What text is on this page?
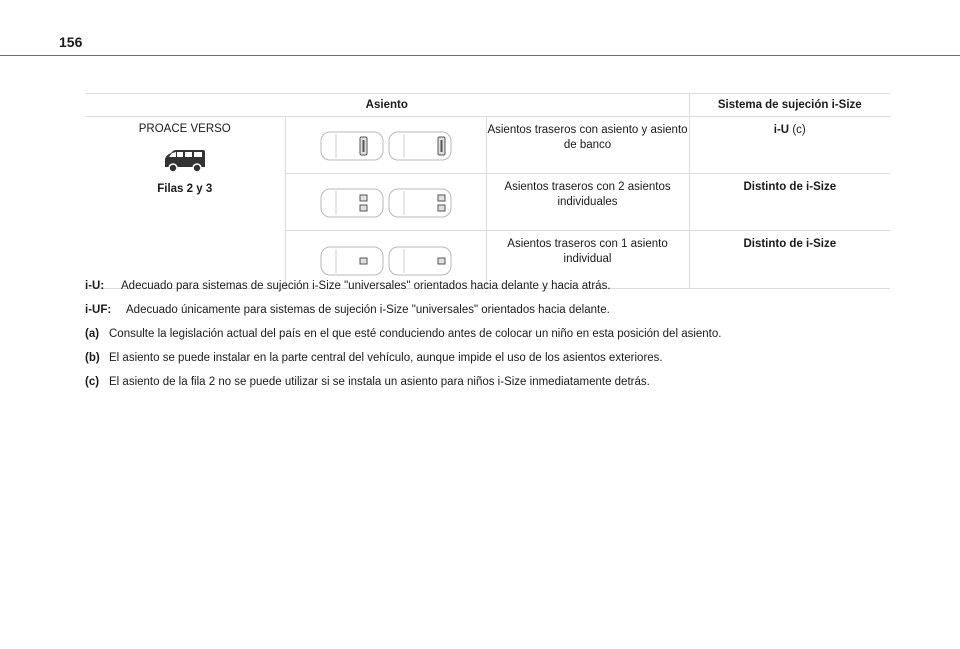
156
Asiento			Sistema de sujeción i-Size

PROACE VERSO
Filas 2 y 3		Asientos traseros con asiento y asiento de banco	i-U (c)

	Asientos traseros con 2 asientos individuales	Distinto de i-Size

	Asientos traseros con 1 asiento individual	Distinto de i-Size
i-U: Adecuado para sistemas de sujeción i-Size "universales" orientados hacia delante y hacia atrás.
i-UF: Adecuado únicamente para sistemas de sujeción i-Size "universales" orientados hacia delante.
(a) Consulte la legislación actual del país en el que esté conduciendo antes de colocar un niño en esta posición del asiento.
(b) El asiento se puede instalar en la parte central del vehículo, aunque impide el uso de los asientos exteriores.
(c) El asiento de la fila 2 no se puede utilizar si se instala un asiento para niños i-Size inmediatamente detrás.
